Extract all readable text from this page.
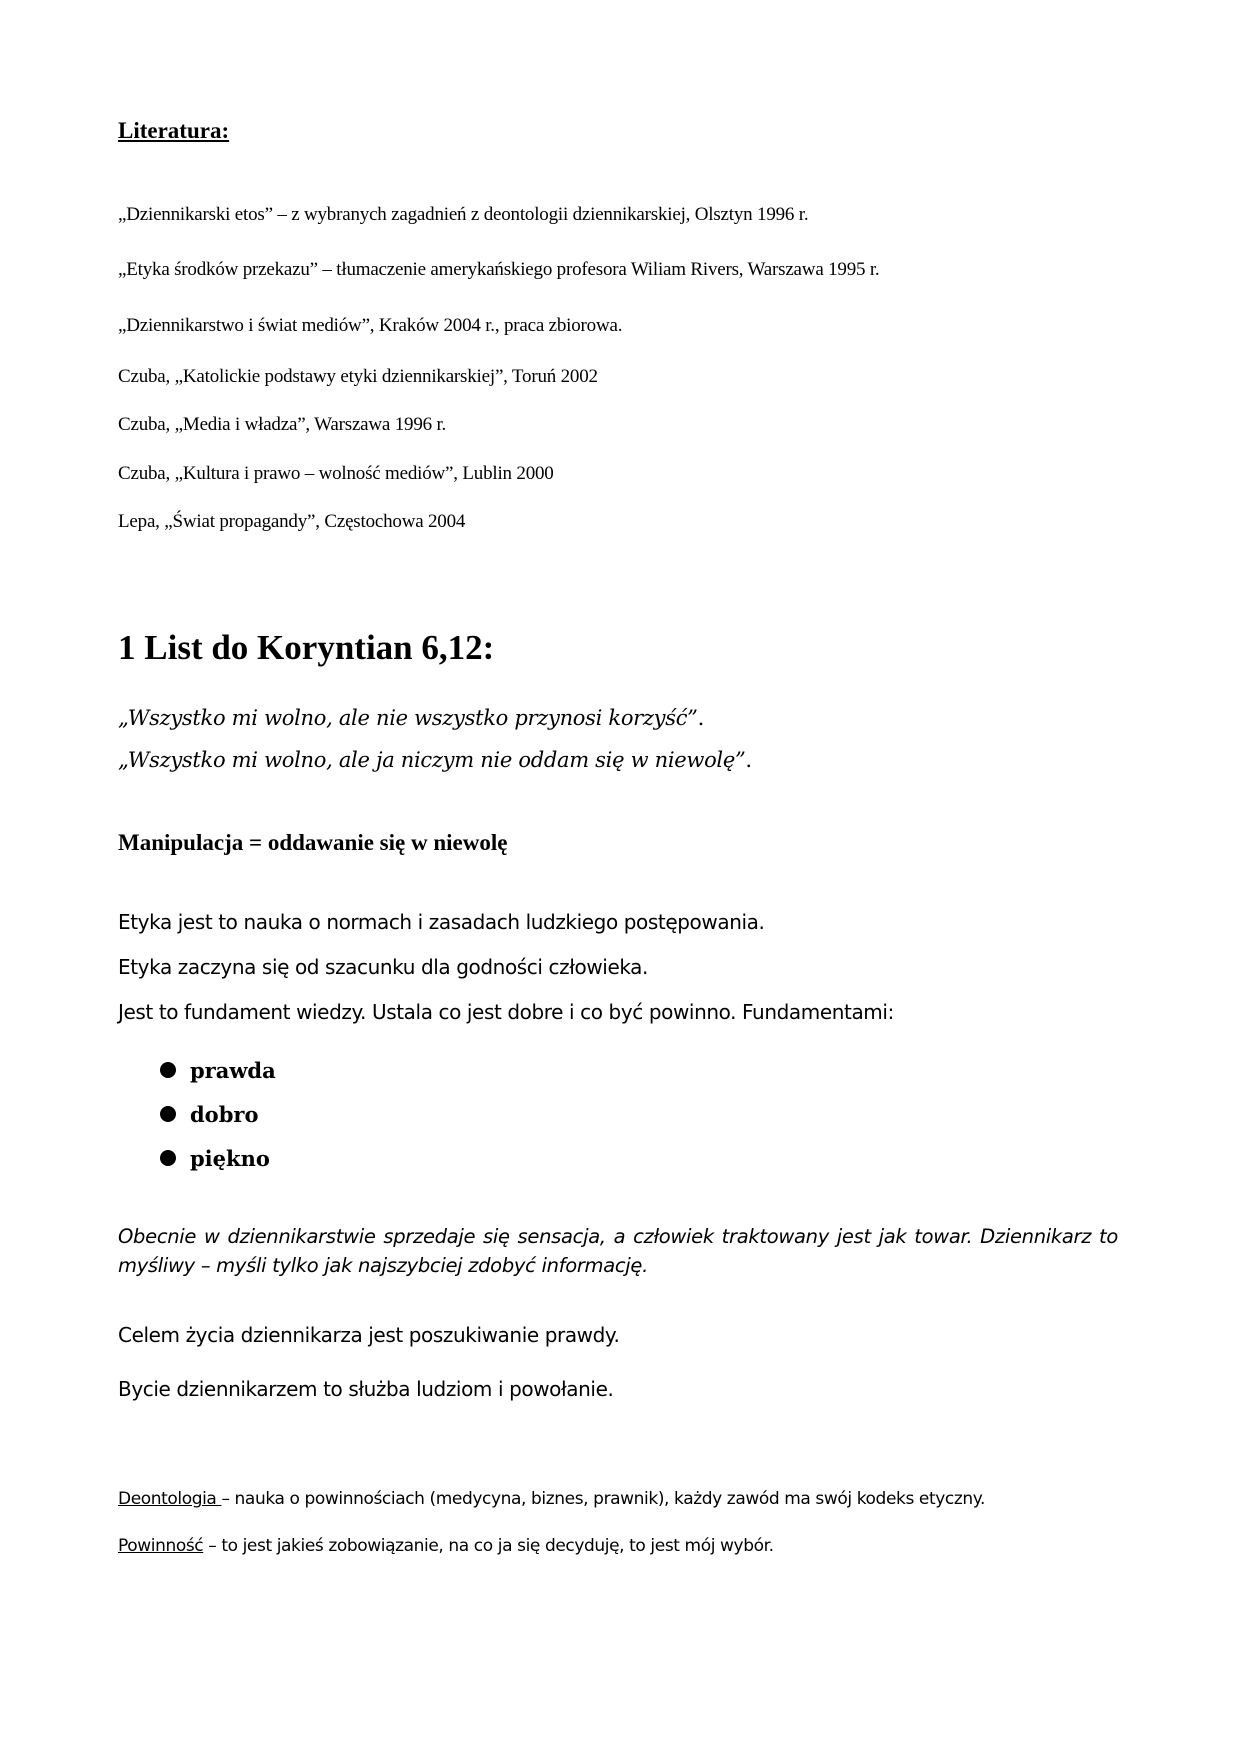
Literatura:
„Dziennikarski etos” – z wybranych zagadnień z deontologii dziennikarskiej, Olsztyn 1996 r.
„Etyka środków przekazu” – tłumaczenie amerykańskiego profesora Wiliam Rivers, Warszawa 1995 r.
„Dziennikarstwo i świat mediów”, Kraków 2004 r., praca zbiorowa.
Czuba, „Katolickie podstawy etyki dziennikarskiej”, Toruń 2002
Czuba, „Media i władza”, Warszawa 1996 r.
Czuba, „Kultura i prawo – wolność mediów”, Lublin 2000
Lepa, „Świat propagandy”, Częstochowa 2004
1 List do Koryntian 6,12:
„Wszystko mi wolno, ale nie wszystko przynosi korzyść”.
„Wszystko mi wolno, ale ja niczym nie oddam się w niewolę”.
Manipulacja = oddawanie się w niewolę
Etyka jest to nauka o normach i zasadach ludzkiego postępowania.
Etyka zaczyna się od szacunku dla godności człowieka.
Jest to fundament wiedzy. Ustala co jest dobre i co być powinno. Fundamentami:
prawda
dobro
piękno
Obecnie w dziennikarstwie sprzedaje się sensacja, a człowiek traktowany jest jak towar. Dziennikarz to myśliwy – myśli tylko jak najszybciej zdobyć informację.
Celem życia dziennikarza jest poszukiwanie prawdy.
Bycie dziennikarzem to służba ludziom i powołanie.
Deontologia – nauka o powinnościach (medycyna, biznes, prawnik), każdy zawód ma swój kodeks etyczny.
Powinność – to jest jakieś zobowiązanie, na co ja się decyduję, to jest mój wybór.
